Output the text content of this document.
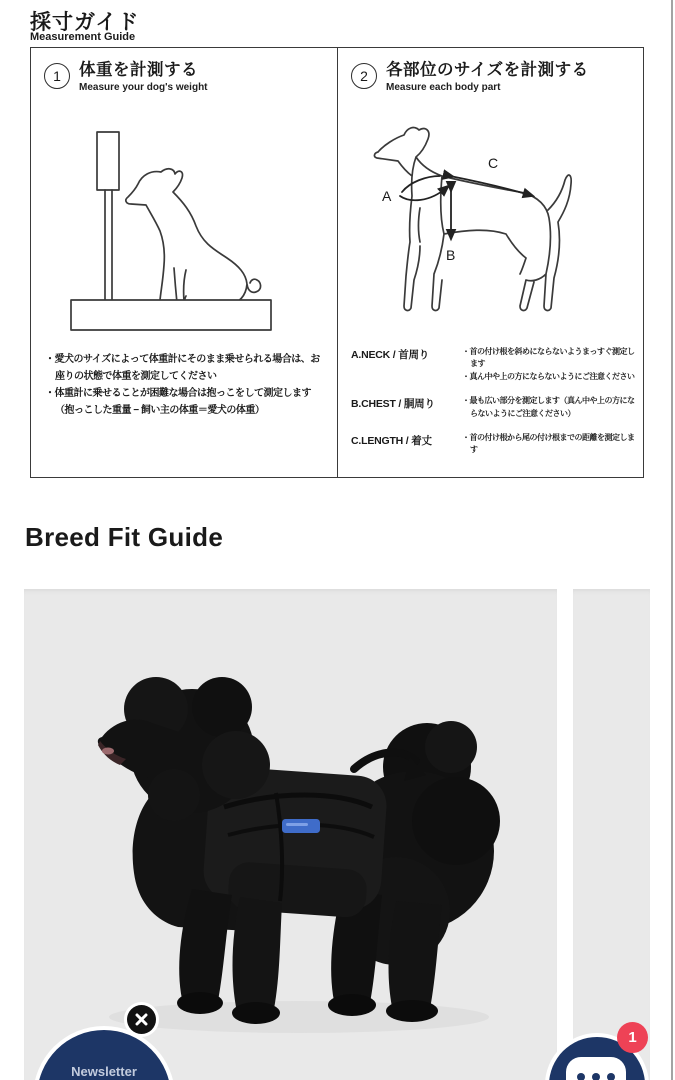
採寸ガイド
Measurement Guide
1	体重を計測する
Measure your dog's weight
・愛犬のサイズによって体重計にそのまま乗せられる場合は、お座りの状態で体重を測定してください
・体重計に乗せることが困難な場合は抱っこをして測定します
（抱っこした重量 − 飼い主の体重＝愛犬の体重）
2	各部位のサイズを計測する
Measure each body part
A
B
C
A.NECK / 首周り	・首の付け根を斜めにならないようまっすぐ測定します
・真ん中や上の方にならないようにご注意ください
B.CHEST / 胴周り	・最も広い部分を測定します（真ん中や上の方にならないようにご注意ください）
C.LENGTH / 着丈	・首の付け根から尾の付け根までの距離を測定します
Breed Fit Guide
Newsletter
1
